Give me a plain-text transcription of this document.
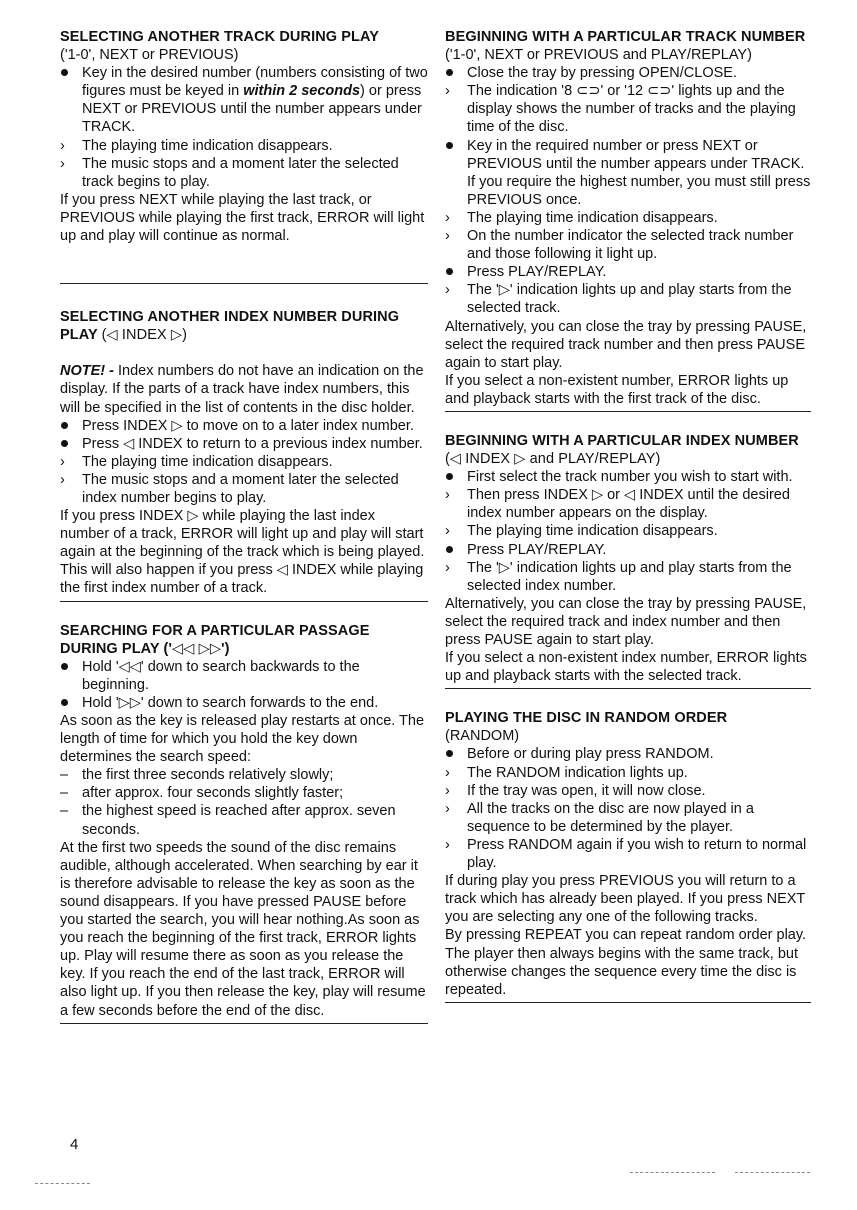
SELECTING ANOTHER TRACK DURING PLAY

('1-0', NEXT or PREVIOUS)

Key in the desired number (numbers consisting of two figures must be keyed in within 2 seconds) or press NEXT or PREVIOUS until the number appears under TRACK.
›	The playing time indication disappears.
›	The music stops and a moment later the selected track begins to play.

If you press NEXT while playing the last track, or PREVIOUS while playing the first track, ERROR will light up and play will continue as normal.

SELECTING ANOTHER INDEX NUMBER DURING PLAY (◁ INDEX ▷)

NOTE! - Index numbers do not have an indication on the display. If the parts of a track have index numbers, this will be specified in the list of contents in the disc holder.

Press INDEX ▷ to move on to a later index number.
Press ◁ INDEX to return to a previous index number.
›	The playing time indication disappears.
›	The music stops and a moment later the selected index number begins to play.

If you press INDEX ▷ while playing the last index number of a track, ERROR will light up and play will start again at the beginning of the track which is being played. This will also happen if you press ◁ INDEX while playing the first index number of a track.

SEARCHING FOR A PARTICULAR PASSAGE
DURING PLAY ('◁◁ ▷▷')
Hold '◁◁' down to search backwards to the beginning.
Hold '▷▷' down to search forwards to the end.

As soon as the key is released play restarts at once. The length of time for which you hold the key down determines the search speed:

– the first three seconds relatively slowly;
– after approx. four seconds slightly faster;
– the highest speed is reached after approx. seven seconds.

At the first two speeds the sound of the disc remains audible, although accelerated. When searching by ear it is therefore advisable to release the key as soon as the sound disappears. If you have pressed PAUSE before you started the search, you will hear nothing.As soon as you reach the beginning of the first track, ERROR lights up. Play will resume there as soon as you release the key. If you reach the end of the last track, ERROR will also light up. If you then release the key, play will resume a few seconds before the end of the disc.

BEGINNING WITH A PARTICULAR TRACK NUMBER

('1-0', NEXT or PREVIOUS and PLAY/REPLAY)

Close the tray by pressing OPEN/CLOSE.
›	The indication '8 ⊂⊃' or '12 ⊂⊃' lights up and the display shows the number of tracks and the playing time of the disc.
Key in the required number or press NEXT or PREVIOUS until the number appears under TRACK. If you require the highest number, you must still press PREVIOUS once.
›	The playing time indication disappears.
›	On the number indicator the selected track number and those following it light up.
Press PLAY/REPLAY.
›	The '▷' indication lights up and play starts from the selected track.

Alternatively, you can close the tray by pressing PAUSE, select the required track number and then press PAUSE again to start play.

If you select a non-existent number, ERROR lights up and playback starts with the first track of the disc.

BEGINNING WITH A PARTICULAR INDEX NUMBER (◁ INDEX ▷ and PLAY/REPLAY)
First select the track number you wish to start with.
›	Then press INDEX ▷ or ◁ INDEX until the desired index number appears on the display.
›	The playing time indication disappears.
Press PLAY/REPLAY.
›	The '▷' indication lights up and play starts from the selected index number.

Alternatively, you can close the tray by pressing PAUSE, select the required track and index number and then press PAUSE again to start play.

If you select a non-existent index number, ERROR lights up and playback starts with the selected track.

PLAYING THE DISC IN RANDOM ORDER

(RANDOM)

Before or during play press RANDOM.
›	The RANDOM indication lights up.
›	If the tray was open, it will now close.
›	All the tracks on the disc are now played in a sequence to be determined by the player.
›	Press RANDOM again if you wish to return to normal play.

If during play you press PREVIOUS you will return to a track which has already been played. If you press NEXT you are selecting any one of the following tracks.

By pressing REPEAT you can repeat random order play. The player then always begins with the same track, but otherwise changes the sequence every time the disc is repeated.

4
